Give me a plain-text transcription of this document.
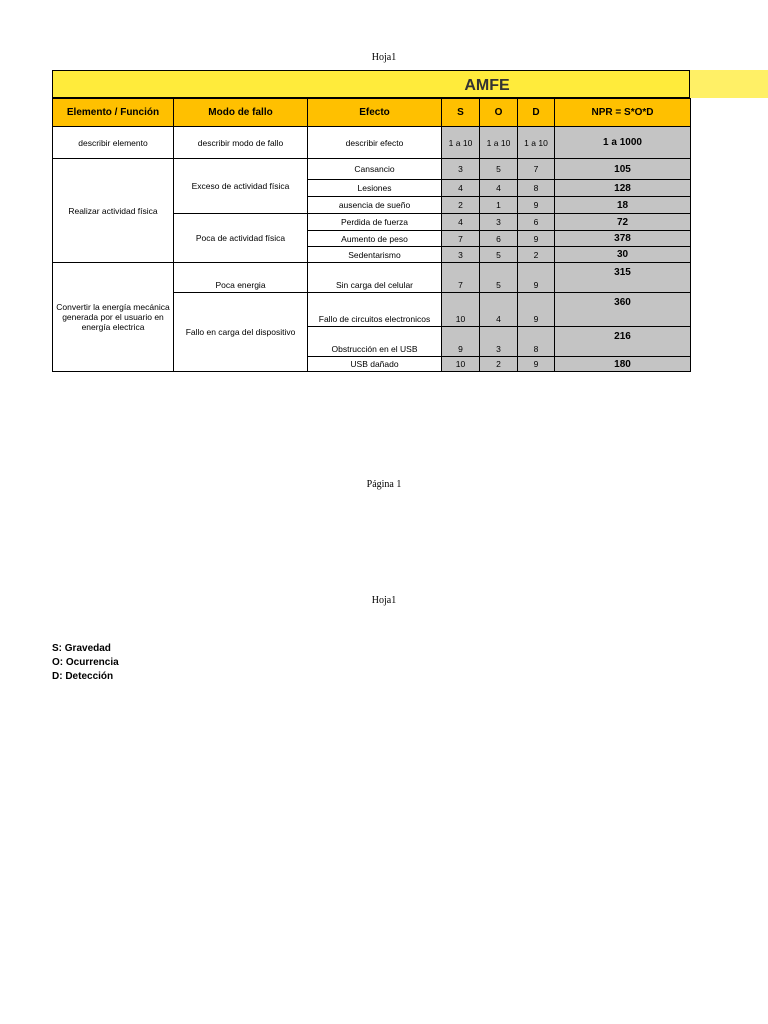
Hoja1
AMFE
Elemento / Función	Modo de fallo	Efecto	S	O	D	NPR = S*O*D
describir elemento	describir modo de fallo	describir efecto	1 a 10	1 a 10	1 a 10	1 a 1000
Realizar actividad física	Exceso de actividad física	Cansancio	3	5	7	105
		Lesiones	4	4	8	128
		ausencia de sueño	2	1	9	18
	Poca de actividad física	Perdida de fuerza	4	3	6	72
		Aumento de peso	7	6	9	378
		Sedentarismo	3	5	2	30
Convertir la energía mecánica generada por el usuario en energía electrica	Poca energia	Sin carga del celular	7	5	9	315
	Fallo en carga del dispositivo	Fallo de circuitos electronicos	10	4	9	360
		Obstrucción en el USB	9	3	8	216
		USB dañado	10	2	9	180
Página 1
Hoja1
S: Gravedad
O: Ocurrencia
D: Detección
